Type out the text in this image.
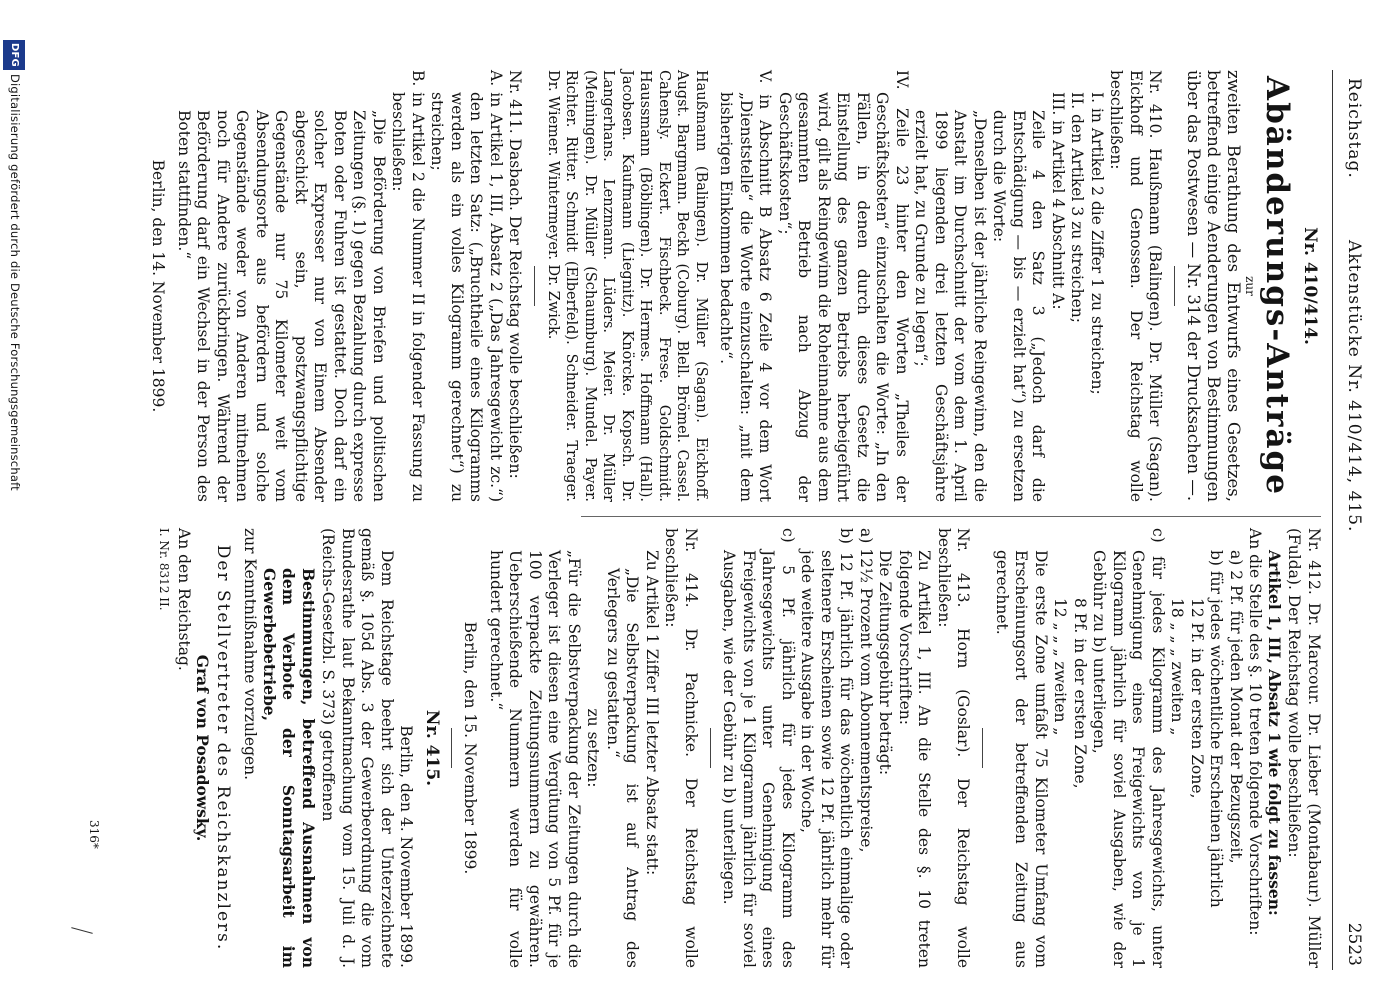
Reichstag.
Aktenstücke Nr. 410/414, 415.
2523

Nr. 410/414.

Abänderungs-Anträge

zur

zweiten Berathung des Entwurfs eines Gesetzes, betreffend einige Aenderungen von Bestimmungen über das Postwesen — Nr. 314 der Drucksachen —.

Nr. 410. Haußmann (Balingen). Dr. Müller (Sagan). Eickhoff und Genossen. Der Reichstag wolle beschließen:

I. in Artikel 2 die Ziffer 1 zu streichen;

II. den Artikel 3 zu streichen;

III. in Artikel 4 Abschnitt A:

Zeile 4 den Satz 3 („Jedoch darf die Entschädigung — bis — erzielt hat“) zu ersetzen durch die Worte:

„Denselben ist der jährliche Reingewinn, den die Anstalt im Durchschnitt der vom dem 1. April 1899 liegenden drei letzten Geschäftsjahre erzielt hat, zu Grunde zu legen“;

IV. Zeile 23 hinter den Worten „Theiles der Geschäftskosten“ einzuschalten die Worte: „In den Fällen, in denen durch dieses Gesetz die Einstellung des ganzen Betriebs herbeigeführt wird, gilt als Reingewinn die Roheinnahme aus dem gesammten Betrieb nach Abzug der Geschäftskosten“;

V. in Abschnitt B Absatz 6 Zeile 4 vor dem Wort „Dienststelle“ die Worte einzuschalten: „mit dem bisherigen Einkommen bedachte“.

Haußmann (Balingen). Dr. Müller (Sagan). Eickhoff. Augst. Bargmann. Beckh (Coburg). Blell. Brömel. Cassel. Cahensly. Eckert. Fischbeck. Frese. Goldschmidt. Haussmann (Böblingen). Dr. Hermes. Hoffmann (Hall). Jacobsen. Kaufmann (Liegnitz). Knörcke. Kopsch. Dr. Langerhans. Lenzmann. Lüders. Meier. Dr. Müller (Meiningen). Dr. Müller (Schaumburg). Mundel. Payer. Richter. Ritter. Schmidt (Elberfeld). Schneider. Traeger. Dr. Wiemer. Wintermeyer. Dr. Zwick.

Nr. 411. Dasbach. Der Reichstag wolle beschließen:

A. in Artikel 1, III, Absatz 2 („Das Jahresgewicht zc.“) den letzten Satz: („Bruchtheile eines Kilogramms werden als ein volles Kilogramm gerechnet“) zu streichen;

B. in Artikel 2 die Nummer II in folgender Fassung zu beschließen:

„Die Beförderung von Briefen und politischen Zeitungen (§. 1) gegen Bezahlung durch expresse Boten oder Fuhren ist gestattet. Doch darf ein solcher Expresser nur von Einem Absender abgeschickt sein, postzwangspflichtige Gegenstände nur 75 Kilometer weit vom Absendungsorte aus befördern und solche Gegenstände weder von Anderen mitnehmen noch für Andere zurückbringen. Während der Beförderung darf ein Wechsel in der Person des Boten stattfinden.“

Berlin, den 14. November 1899.

Nr. 412. Dr. Marcour. Dr. Lieber (Montabaur). Müller (Fulda). Der Reichstag wolle beschließen:

Artikel 1, III, Absatz 1 wie folgt zu fassen:

An die Stelle des §. 10 treten folgende Vorschriften:

a) 2 Pf. für jeden Monat der Bezugszeit,

b) für jedes wöchentliche Erscheinen jährlich

12 Pf. in der ersten Zone,

18 „ „ „ zweiten „

c) für jedes Kilogramm des Jahresgewichts, unter Genehmigung eines Freigewichts von je 1 Kilogramm jährlich für soviel Ausgaben, wie der Gebühr zu b) unterliegen,

8 Pf. in der ersten Zone,

12 „ „ „ zweiten „

Die erste Zone umfaßt 75 Kilometer Umfang vom Erscheinungsort der betreffenden Zeitung aus gerechnet.

Nr. 413. Horn (Goslar). Der Reichstag wolle beschließen:

Zu Artikel 1, III. An die Stelle des §. 10 treten folgende Vorschriften:

Die Zeitungsgebühr beträgt:

a) 12½ Prozent vom Abonnementspreise,

b) 12 Pf. jährlich für das wöchentlich einmalige oder seltenere Erscheinen sowie 12 Pf. jährlich mehr für jede weitere Ausgabe in der Woche,

c) 5 Pf. jährlich für jedes Kilogramm des Jahresgewichts unter Genehmigung eines Freigewichts von je 1 Kilogramm jährlich für soviel Ausgaben, wie der Gebühr zu b) unterliegen.

Nr. 414. Dr. Pachnicke. Der Reichstag wolle beschließen:

Zu Artikel 1 Ziffer III letzter Absatz statt:

„Die Selbstverpackung ist auf Antrag des Verlegers zu gestatten.“

zu setzen:

„Für die Selbstverpackung der Zeitungen durch die Verleger ist diesen eine Vergütung von 5 Pf. für je 100 verpackte Zeitungsnummern zu gewähren. Ueberschießende Nummern werden für volle hundert gerechnet.“

Berlin, den 15. November 1899.

Nr. 415.

Berlin, den 4. November 1899.

Dem Reichstage beehrt sich der Unterzeichnete gemäß §. 105d Abs. 3 der Gewerbeordnung die vom Bundesrathe laut Bekanntmachung vom 15. Juli d. J. (Reichs-Gesetzbl. S. 373) getroffenen

Bestimmungen, betreffend Ausnahmen von dem Verbote der Sonntagsarbeit im Gewerbebetriebe,

zur Kenntnißnahme vorzulegen.

Der Stellvertreter des Reichskanzlers.

Graf von Posadowsky.

An den Reichstag.

I. Nr. 8312 II.

316*
DFGDigitalisierung gefördert durch die Deutsche Forschungsgemeinschaft
